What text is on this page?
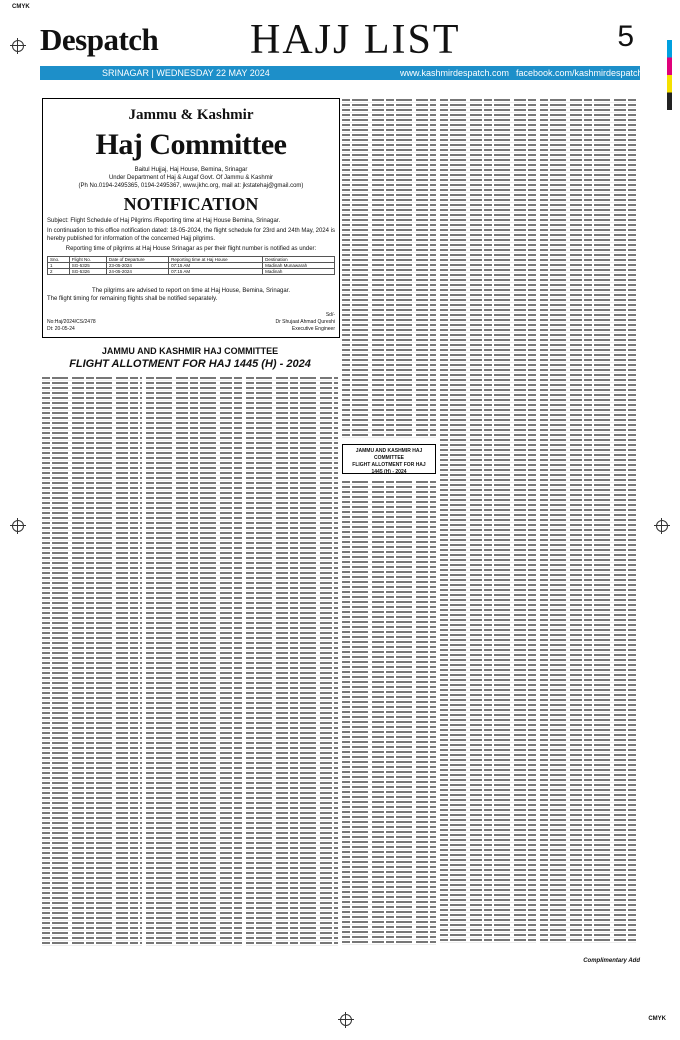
CMYK
Despatch HAJJ LIST	5
SRINAGAR | WEDNESDAY 22 MAY 2024	www.kashmirdespatch.com facebook.com/kashmirdespatch
Jammu & Kashmir
Haj Committee
Baitul Hujjaj, Haj House, Bemina, Srinagar
Under Department of Haj & Augaf Govt. Of Jammu & Kashmir
(Ph No.0194-2495365, 0194-2495367, www.jkhc.org, mail at: jkstatehaj@gmail.com)
NOTIFICATION
Subject: Flight Schedule of Haj Pilgrims /Reporting time at Haj House Bemina, Srinagar.
In continuation to this office notification dated: 18-05-2024, the flight schedule for 23rd and 24th May, 2024 is hereby published for information of the concerned Hajj pilgrims.
Reporting time of pilgrims at Haj House Srinagar as per their flight number is notified as under:
Sno.	Flight No.	Date of Departure	Reporting time at Haj House	Destination
1	SG-5325	23-05-2024	07:15 AM	Madinah Munawarah
2	SG-5326	24-05-2024	07:15 AM	Madinah
The pilgrims are advised to report on time at Haj House, Bemina, Srinagar.
The flight timing for remaining flights shall be notified separately.
No:Haj/2024/CS/2478
Dt: 20-05-24
Sd/-
Dr Shujaat Ahmad Qureshi
Executive Engineer
JAMMU AND KASHMIR HAJ COMMITTEE
FLIGHT ALLOTMENT FOR HAJ 1445 (H) - 2024
JAMMU AND KASHMIR HAJ COMMITTEE
FLIGHT ALLOTMENT FOR HAJ
1445 (H) - 2024
Complimentary Add
CMYK
